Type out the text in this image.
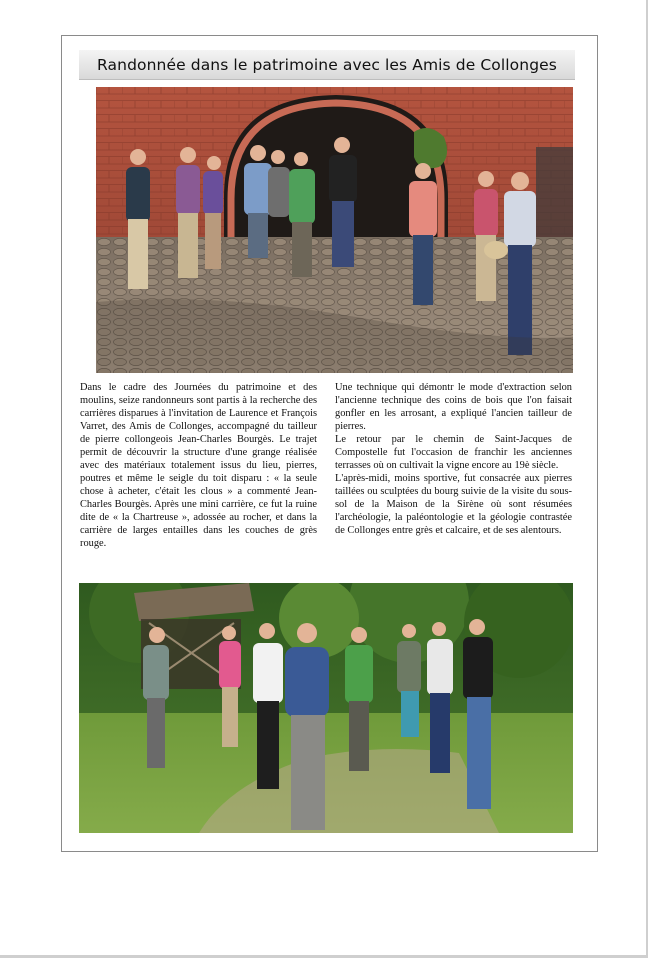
Randonnée dans le patrimoine avec les Amis de Collonges

Dans le cadre des Journées du patrimoine et des moulins, seize randonneurs sont partis à la recherche des carrières disparues à l'invitation de Laurence et François Varret, des Amis de Collonges, accompagné du tailleur de pierre collongeois Jean-Charles Bourgès. Le trajet permit de découvrir la structure d'une grange réalisée avec des matériaux totalement issus du lieu, pierres, poutres et même le seigle du toit disparu : « la seule chose à acheter, c'était les clous » a commenté Jean-Charles Bourgès. Après une mini carrière, ce fut la ruine dite de « la Chartreuse », adossée au rocher, et dans la carrière de larges entailles dans les couches de grès rouge.

Une technique qui démontr le mode d'extraction selon l'ancienne technique des coins de bois que l'on faisait gonfler en les arrosant, a expliqué l'ancien tailleur de pierres.

Le retour par le chemin de Saint-Jacques de Compostelle fut l'occasion de franchir les anciennes terrasses où on cultivait la vigne encore au 19è siècle.

L'après-midi, moins sportive, fut consacrée aux pierres taillées ou sculptées du bourg suivie de la visite du sous-sol de la Maison de la Sirène où sont résumées l'archéologie, la paléontologie et la géologie contrastée de Collonges entre grès et calcaire, et de ses alentours.
